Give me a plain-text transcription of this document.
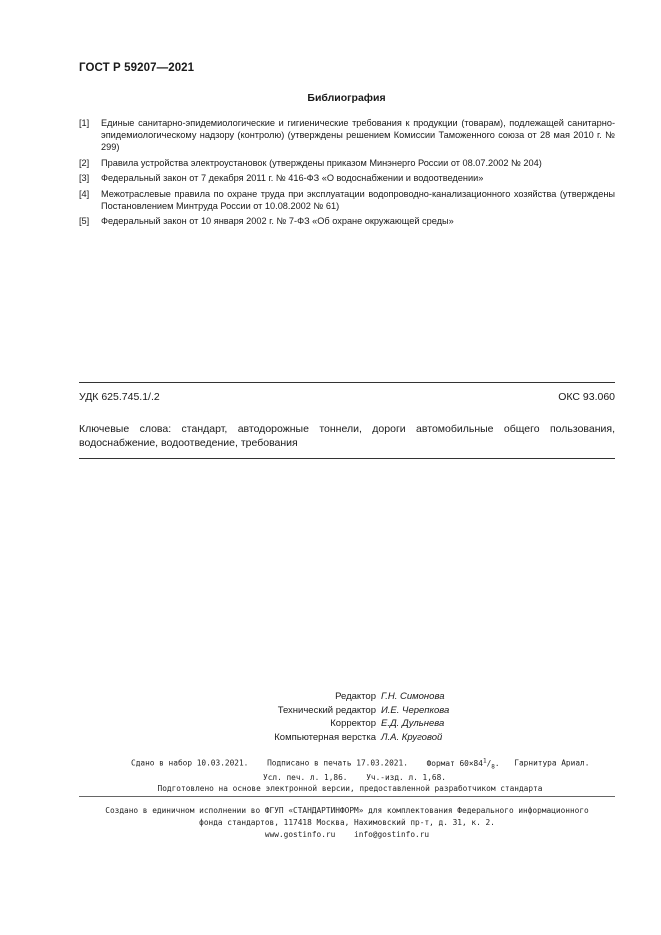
ГОСТ Р 59207—2021
Библиография
[1]	Единые санитарно-эпидемиологические и гигиенические требования к продукции (товарам), подлежащей санитарно-эпидемиологическому надзору (контролю) (утверждены решением Комиссии Таможенного союза от 28 мая 2010 г. № 299)
[2]	Правила устройства электроустановок (утверждены приказом Минэнерго России от 08.07.2002 № 204)
[3]	Федеральный закон от 7 декабря 2011 г. № 416-ФЗ «О водоснабжении и водоотведении»
[4]	Межотраслевые правила по охране труда при эксплуатации водопроводно-канализационного хозяйства (утверждены Постановлением Минтруда России от 10.08.2002 № 61)
[5]	Федеральный закон от 10 января 2002 г. № 7-ФЗ «Об охране окружающей среды»
УДК 625.745.1/.2	ОКС 93.060
Ключевые слова: стандарт, автодорожные тоннели, дороги автомобильные общего пользования, водоснабжение, водоотведение, требования
Редактор Г.Н. Симонова
Технический редактор И.Е. Черепкова
Корректор Е.Д. Дульнева
Компьютерная верстка Л.А. Круговой
Сдано в набор 10.03.2021. Подписано в печать 17.03.2021. Формат $60\times 84^1/_8$. Гарнитура Ариал.
Усл. печ. л. 1,86. Уч.-изд. л. 1,68.
Подготовлено на основе электронной версии, предоставленной разработчиком стандарта
Создано в единичном исполнении во ФГУП «СТАНДАРТИНФОРМ» для комплектования Федерального информационного
фонда стандартов, 117418 Москва, Нахимовский пр-т, д. 31, к. 2.
www.gostinfo.ru info@gostinfo.ru
